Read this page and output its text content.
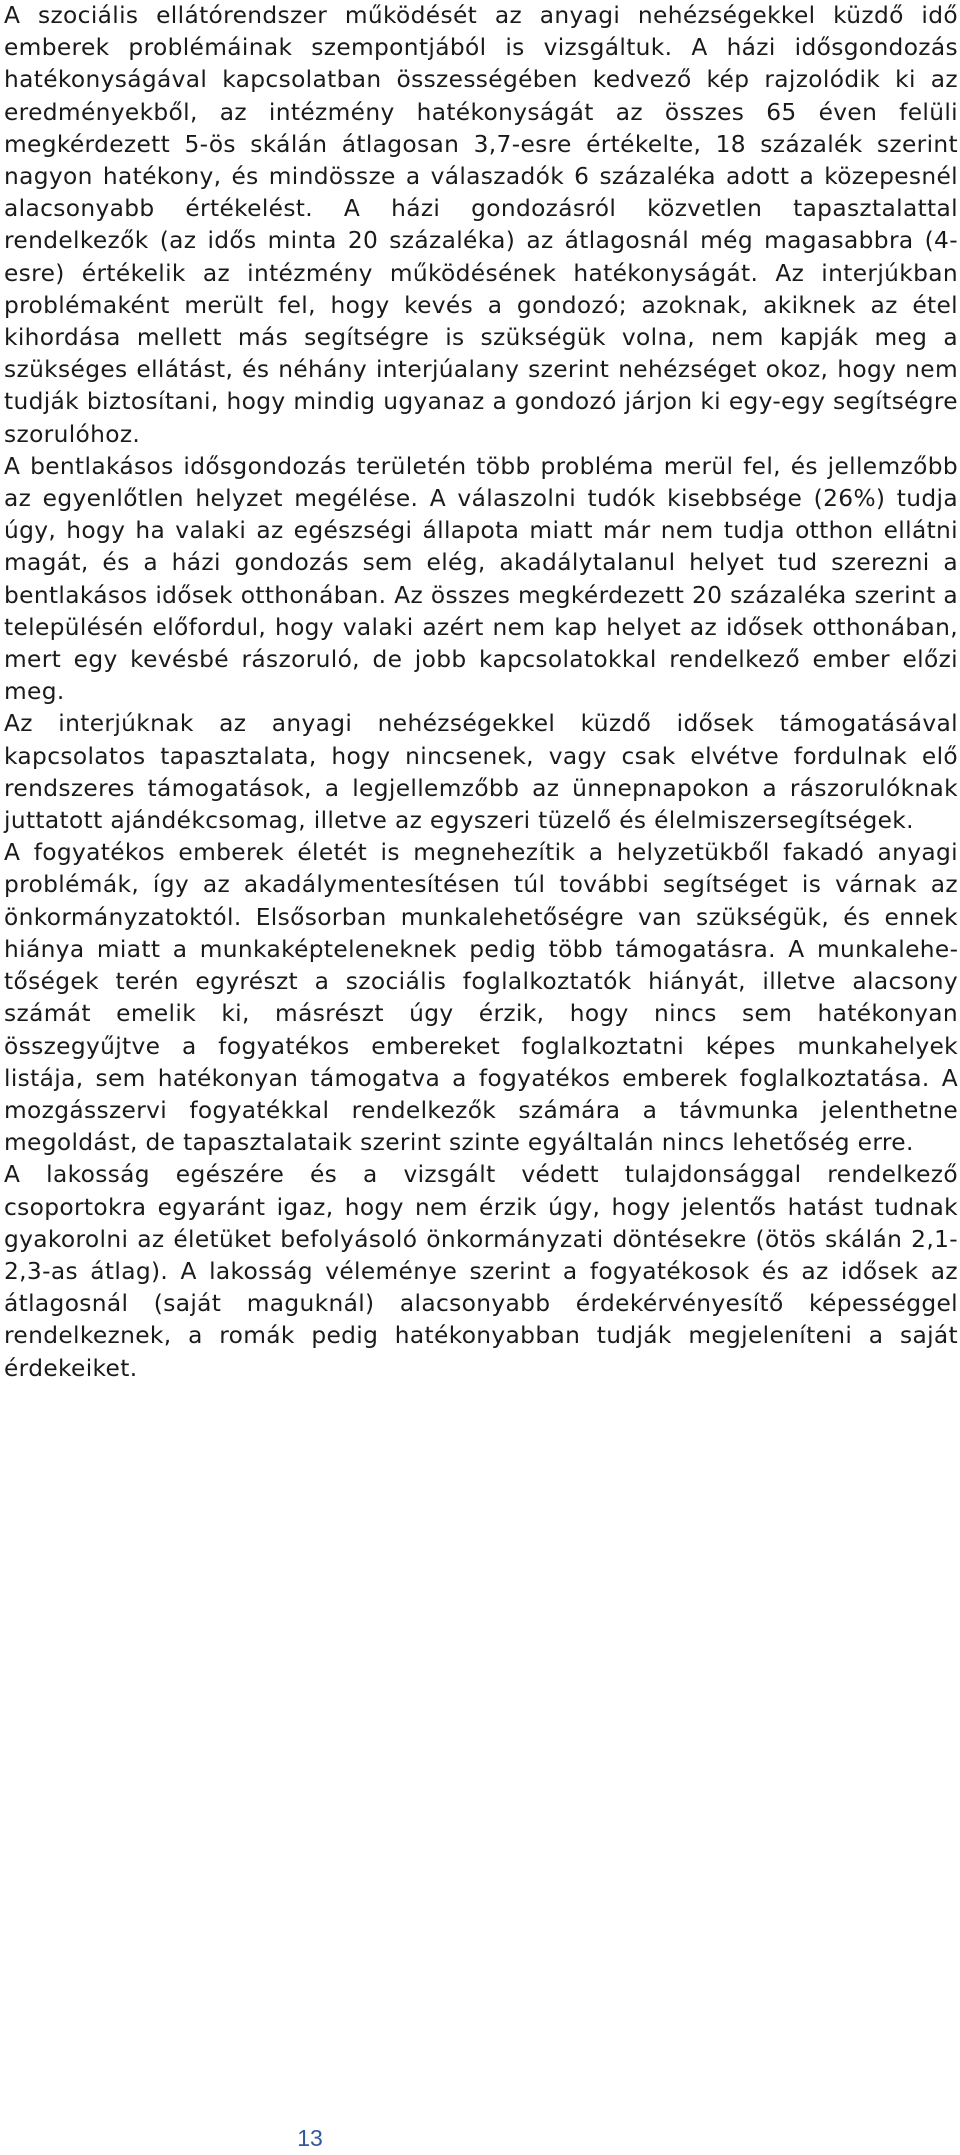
A szociális ellátórendszer működését az anyagi nehézségekkel küzdő idő emberek problémáinak szempontjából is vizsgáltuk. A házi idősgondozás hatékonyságával kapcsolatban összességében kedvező kép rajzolódik ki az eredményekből, az intézmény hatékonyságát az összes 65 éven felüli megkérdezett 5-ös skálán átlagosan 3,7-esre értékelte, 18 százalék szerint nagyon hatékony, és mindössze a válaszadók 6 százaléka adott a közepesnél alacsonyabb értékelést. A házi gondozásról közvetlen tapasztalattal rendelkezők (az idős minta 20 százaléka) az átlagosnál még magasabbra (4-esre) értékelik az intézmény működésének hatékonyságát. Az interjúkban problémaként merült fel, hogy kevés a gondozó; azoknak, akiknek az étel kihordása mellett más segítségre is szükségük volna, nem kapják meg a szükséges ellátást, és néhány interjúalany szerint nehézséget okoz, hogy nem tudják biztosítani, hogy mindig ugyanaz a gondozó járjon ki egy-egy segítségre szorulóhoz.

A bentlakásos idősgondozás területén több probléma merül fel, és jellemzőbb az egyenlőtlen helyzet megélése. A válaszolni tudók kisebbsége (26%) tudja úgy, hogy ha valaki az egészségi állapota miatt már nem tudja otthon ellátni magát, és a házi gondozás sem elég, akadálytalanul helyet tud szerezni a bentlakásos idősek otthonában. Az összes megkérdezett 20 százaléka szerint a településén előfordul, hogy valaki azért nem kap helyet az idősek otthonában, mert egy kevésbé rászoruló, de jobb kapcsolatokkal rendelkező ember előzi meg.

Az interjúknak az anyagi nehézségekkel küzdő idősek támogatásával kapcsolatos tapasztalata, hogy nincsenek, vagy csak elvétve fordulnak elő rendszeres támogatások, a legjellemzőbb az ünnepnapokon a rászorulóknak juttatott ajándékcsomag, illetve az egyszeri tüzelő és élelmiszersegítségek.

A fogyatékos emberek életét is megnehezítik a helyzetükből fakadó anyagi problémák, így az akadálymentesítésen túl további segítséget is várnak az önkormányzatoktól. Elsősorban munkalehetőségre van szükségük, és ennek hiánya miatt a munkaképteleneknek pedig több támogatásra. A munkalehetőségek terén egyrészt a szociális foglalkoztatók hiányát, illetve alacsony számát emelik ki, másrészt úgy érzik, hogy nincs sem hatékonyan összegyűjtve a fogyatékos embereket foglalkoztatni képes munkahelyek listája, sem hatékonyan támogatva a fogyatékos emberek foglalkoztatása. A mozgásszervi fogyatékkal rendelkezők számára a távmunka jelenthetne megoldást, de tapasztalataik szerint szinte egyáltalán nincs lehetőség erre.

A lakosság egészére és a vizsgált védett tulajdonsággal rendelkező csoportokra egyaránt igaz, hogy nem érzik úgy, hogy jelentős hatást tudnak gyakorolni az életüket befolyásoló önkormányzati döntésekre (ötös skálán 2,1-2,3-as átlag). A lakosság véleménye szerint a fogyatékosok és az idősek az átlagosnál (saját maguknál) alacsonyabb érdekérvényesítő képességgel rendelkeznek, a romák pedig hatékonyabban tudják megjeleníteni a saját érdekeiket.

13
